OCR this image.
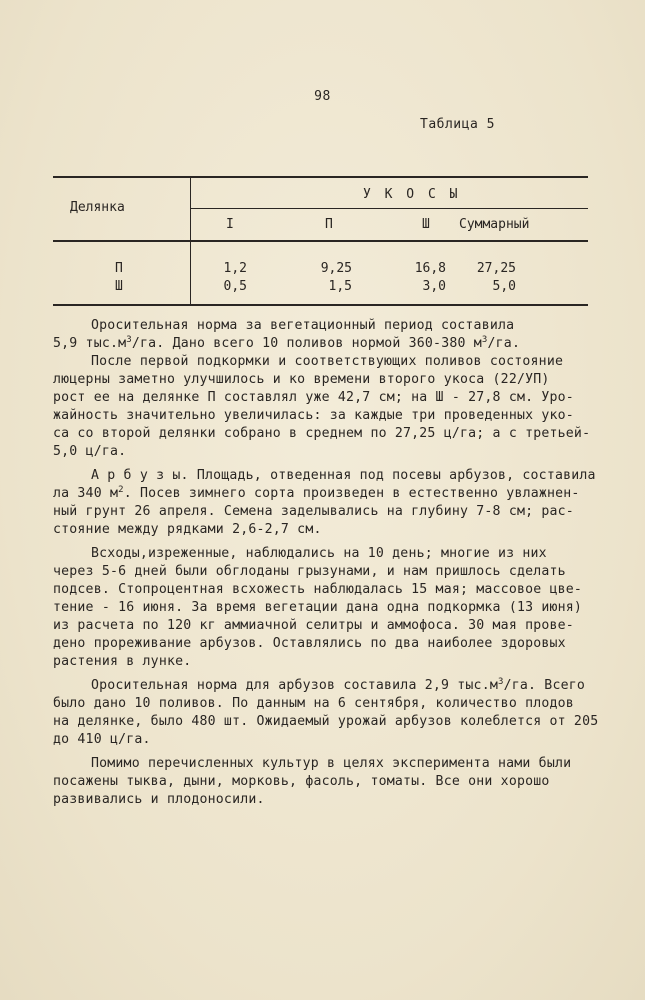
98
Таблица 5
Делянка
У К О С Ы
I	П	Ш Суммарный
П	1,2	9,25	16,8	27,25
Ш	0,5	1,5	3,0	5,0
Оросительная норма за вегетационный период составила
5,9 $тыс.м^3/га$. Дано всего 10 поливов нормой 360-380 $м^3/га$.
После первой подкормки и соответствующих поливов состояние
люцерны заметно улучшилось и ко времени второго укоса (22/УП)
рост ее на делянке П составлял уже 42,7 см; на Ш - 27,8 см. Уро-
жайность значительно увеличилась: за каждые три проведенных уко-
са со второй делянки собрано в среднем по 27,25 ц/га; а с третьей-
5,0 ц/га.
А р б у з ы. Площадь, отведенная под посевы арбузов, составила
ла 340 $м^2$. Посев зимнего сорта произведен в естественно увлажнен-
ный грунт 26 апреля. Семена заделывались на глубину 7-8 см; рас-
стояние между рядками 2,6-2,7 см.
Всходы,изреженные, наблюдались на 10 день; многие из них
через 5-6 дней были обглоданы грызунами, и нам пришлось сделать
подсев. Стопроцентная всхожесть наблюдалась 15 мая; массовое цве-
тение - 16 июня. За время вегетации дана одна подкормка (13 июня)
из расчета по 120 кг аммиачной селитры и аммофоса. 30 мая прове-
дено прореживание арбузов. Оставлялись по два наиболее здоровых
растения в лунке.
Оросительная норма для арбузов составила 2,9 $тыс.м^3/га$. Всего
было дано 10 поливов. По данным на 6 сентября, количество плодов
на делянке, было 480 шт. Ожидаемый урожай арбузов колеблется от 205
до 410 ц/га.
Помимо перечисленных культур в целях эксперимента нами были
посажены тыква, дыни, морковь, фасоль, томаты. Все они хорошо
развивались и плодоносили.
